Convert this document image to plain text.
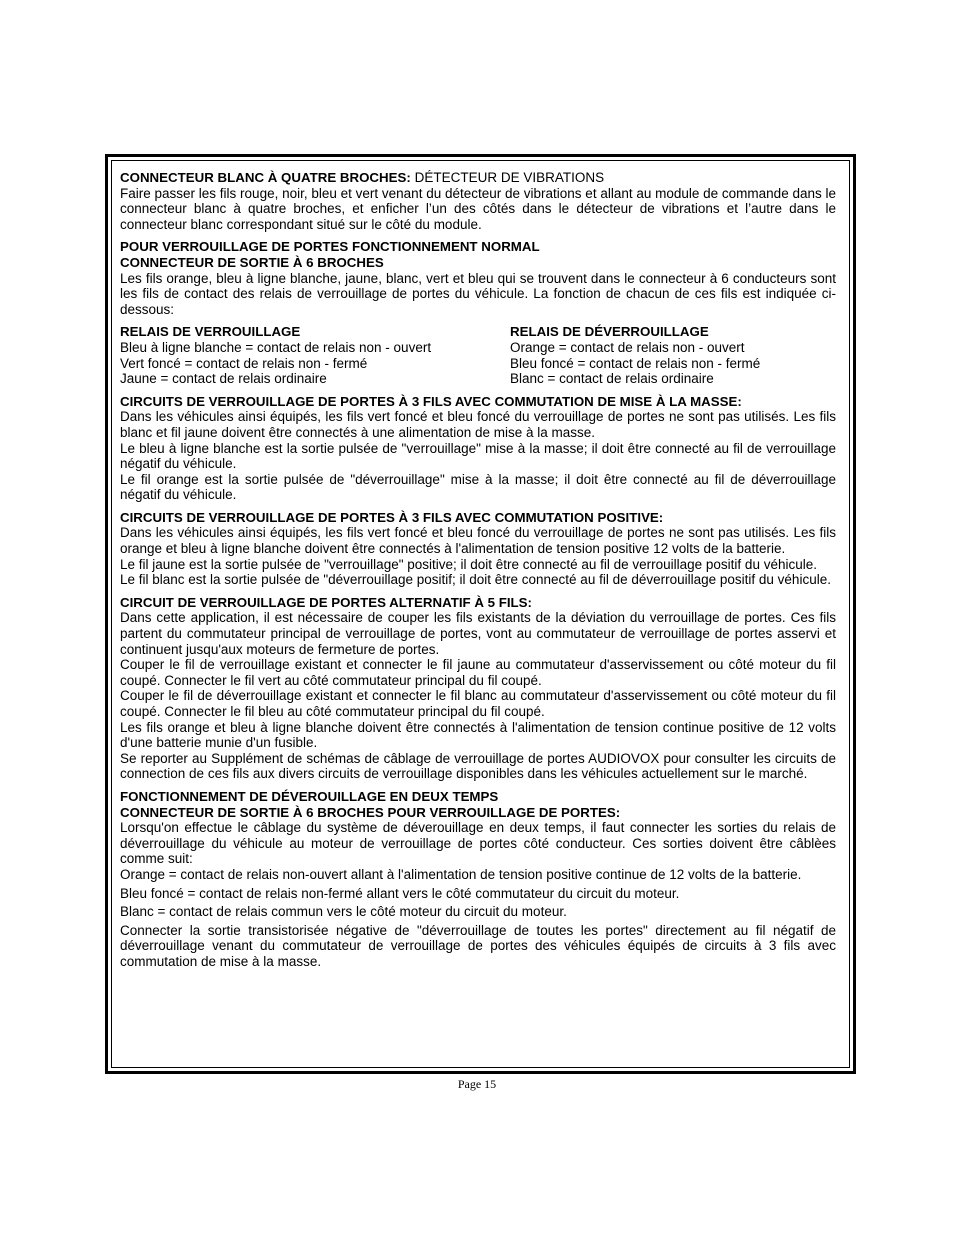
CONNECTEUR BLANC À QUATRE BROCHES: DÉTECTEUR DE VIBRATIONS
Faire passer les fils rouge, noir, bleu et vert venant du détecteur de vibrations et allant au module de commande dans le connecteur blanc à quatre broches, et enficher l’un des côtés dans le détecteur de vibrations et l’autre dans le connecteur blanc correspondant situé sur le côté du module.
POUR VERROUILLAGE DE PORTES FONCTIONNEMENT NORMAL
CONNECTEUR DE SORTIE À 6 BROCHES
Les fils orange, bleu à ligne blanche, jaune, blanc, vert et bleu qui se trouvent dans le connecteur à 6 conducteurs sont les fils de contact des relais de verrouillage de portes du véhicule. La fonction de chacun de ces fils est indiquée ci-dessous:
RELAIS DE VERROUILLAGE
Bleu à ligne blanche = contact de relais non - ouvert
Vert foncé = contact de relais non - fermé
Jaune = contact de relais ordinaire
RELAIS DE DÉVERROUILLAGE
Orange = contact de relais non - ouvert
Bleu foncé = contact de relais non - fermé
Blanc = contact de relais ordinaire
CIRCUITS DE VERROUILLAGE DE PORTES À 3 FILS AVEC COMMUTATION DE MISE À LA MASSE:
Dans les véhicules ainsi équipés, les fils vert foncé et bleu foncé du verrouillage de portes ne sont pas utilisés. Les fils blanc et fil jaune doivent être connectés à une alimentation de mise à la masse.
Le bleu à ligne blanche est la sortie pulsée de "verrouillage" mise à la masse; il doit être connecté au fil de verrouillage négatif du véhicule.
Le fil orange est la sortie pulsée de "déverrouillage" mise à la masse; il doit être connecté au fil de déverrouillage négatif du véhicule.
CIRCUITS DE VERROUILLAGE DE PORTES À 3 FILS AVEC COMMUTATION POSITIVE:
Dans les véhicules ainsi équipés, les fils vert foncé et bleu foncé du verrouillage de portes ne sont pas utilisés. Les fils orange et bleu à ligne blanche doivent être connectés à l'alimentation de tension positive 12 volts de la batterie.
Le fil jaune est la sortie pulsée de "verrouillage" positive; il doit être connecté au fil de verrouillage positif du véhicule.
Le fil blanc est la sortie pulsée de "déverrouillage positif; il doit être connecté au fil de déverrouillage positif du véhicule.
CIRCUIT DE VERROUILLAGE DE PORTES ALTERNATIF À 5 FILS:
Dans cette application, il est nécessaire de couper les fils existants de la déviation du verrouillage de portes. Ces fils partent du commutateur principal de verrouillage de portes, vont au commutateur de verrouillage de portes asservi et continuent jusqu'aux moteurs de fermeture de portes.
Couper le fil de verrouillage existant et connecter le fil jaune au commutateur d'asservissement ou côté moteur du fil coupé. Connecter le fil vert au côté commutateur principal du fil coupé.
Couper le fil de déverrouillage existant et connecter le fil blanc au commutateur d'asservissement ou côté moteur du fil coupé. Connecter le fil bleu au côté commutateur principal du fil coupé.
Les fils orange et bleu à ligne blanche doivent être connectés à l'alimentation de tension continue positive de 12 volts d'une batterie munie d'un fusible.
Se reporter au Supplément de schémas de câblage de verrouillage de portes AUDIOVOX pour consulter les circuits de connection de ces fils aux divers circuits de verrouillage disponibles dans les véhicules actuellement sur le marché.
FONCTIONNEMENT DE DÉVEROUILLAGE EN DEUX TEMPS
CONNECTEUR DE SORTIE À 6 BROCHES POUR VERROUILLAGE DE PORTES:
Lorsqu'on effectue le câblage du système de déverouillage en deux temps, il faut connecter les sorties du relais de déverrouillage du véhicule au moteur de verrouillage de portes côté conducteur. Ces sorties doivent être câblèes comme suit:
Orange = contact de relais non-ouvert allant à l'alimentation de tension positive continue de 12 volts de la batterie.
Bleu foncé = contact de relais non-fermé allant vers le côté commutateur du circuit du moteur.
Blanc = contact de relais commun vers le côté moteur du circuit du moteur.
Connecter la sortie transistorisée négative de "déverrouillage de toutes les portes" directement au fil négatif de déverrouillage venant du commutateur de verrouillage de portes des véhicules équipés de circuits à 3 fils avec commutation de mise à la masse.
Page 15
